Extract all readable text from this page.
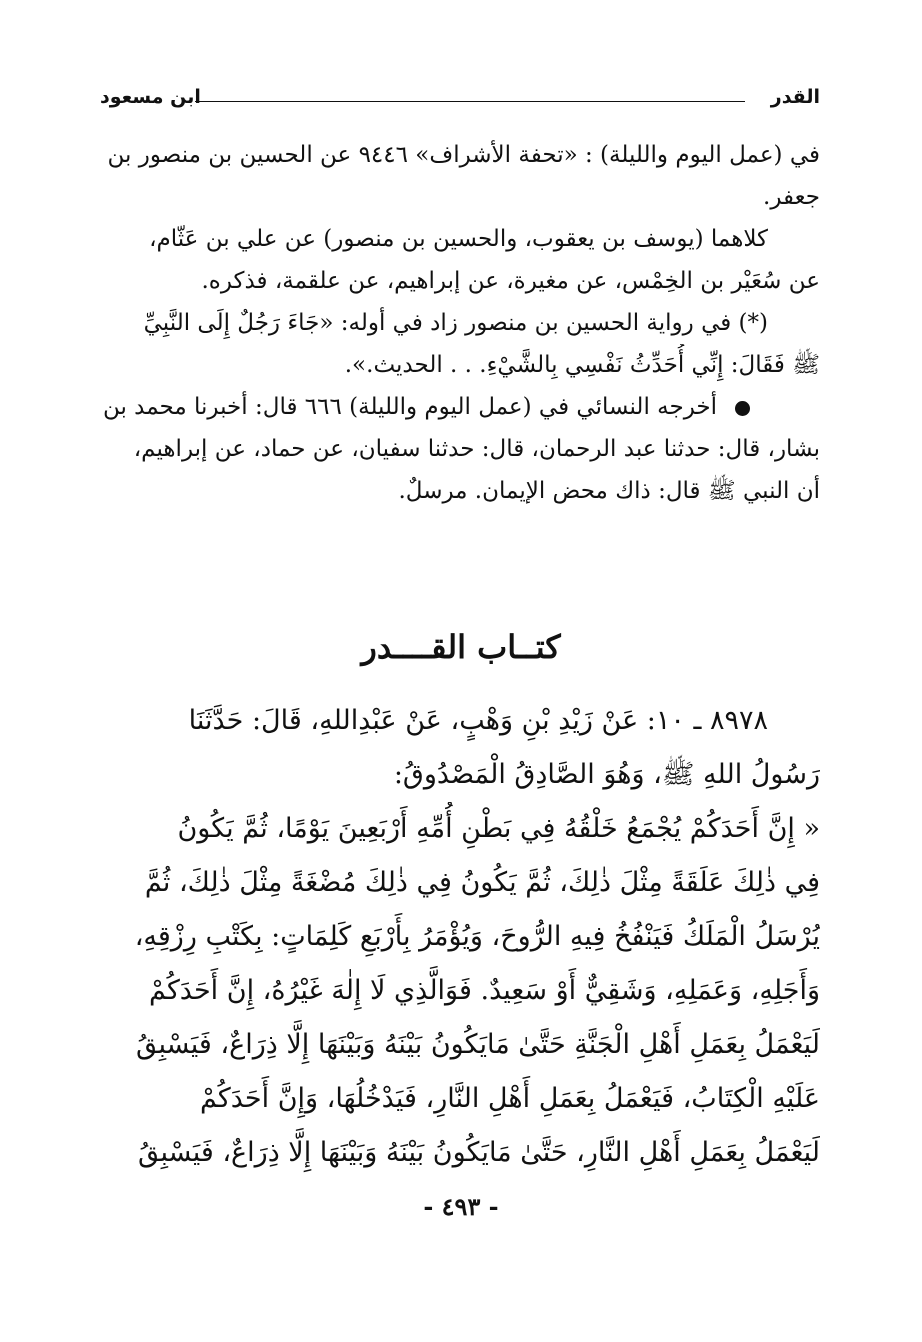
القدر
ابن مسعود
في (عمل اليوم والليلة) : «تحفة الأشراف» ٩٤٤٦ عن الحسين بن منصور بن
جعفر.
كلاهما (يوسف بن يعقوب، والحسين بن منصور) عن علي بن عَثّام،
عن سُعَيْر بن الخِمْس، عن مغيرة، عن إبراهيم، عن علقمة، فذكره.
(*) في رواية الحسين بن منصور زاد في أوله: «جَاءَ رَجُلٌ إِلَى النَّبِيِّ
ﷺ فَقَالَ: إِنِّي أُحَدِّثُ نَفْسِي بِالشَّيْءِ. . . الحديث.».
أخرجه النسائي في (عمل اليوم والليلة) ٦٦٦ قال: أخبرنا محمد بن
بشار، قال: حدثنا عبد الرحمان، قال: حدثنا سفيان، عن حماد، عن إبراهيم،
أن النبي ﷺ قال: ذاك محض الإيمان. مرسلٌ.
كتــاب القــــدر
٨٩٧٨ ـ ١٠: عَنْ زَيْدِ بْنِ وَهْبٍ، عَنْ عَبْدِاللهِ، قَالَ: حَدَّثَنَا
رَسُولُ اللهِ ﷺ، وَهُوَ الصَّادِقُ الْمَصْدُوقُ:
« إِنَّ أَحَدَكُمْ يُجْمَعُ خَلْقُهُ فِي بَطْنِ أُمِّهِ أَرْبَعِينَ يَوْمًا، ثُمَّ يَكُونُ
فِي ذٰلِكَ عَلَقَةً مِثْلَ ذٰلِكَ، ثُمَّ يَكُونُ فِي ذٰلِكَ مُضْغَةً مِثْلَ ذٰلِكَ، ثُمَّ
يُرْسَلُ الْمَلَكُ فَيَنْفُخُ فِيهِ الرُّوحَ، وَيُؤْمَرُ بِأَرْبَعِ كَلِمَاتٍ: بِكَتْبِ رِزْقِهِ،
وَأَجَلِهِ، وَعَمَلِهِ، وَشَقِيٌّ أَوْ سَعِيدٌ. فَوَالَّذِي لَا إِلٰهَ غَيْرُهُ، إِنَّ أَحَدَكُمْ
لَيَعْمَلُ بِعَمَلِ أَهْلِ الْجَنَّةِ حَتَّىٰ مَايَكُونُ بَيْنَهُ وَبَيْنَهَا إِلَّا ذِرَاعٌ، فَيَسْبِقُ
عَلَيْهِ الْكِتَابُ، فَيَعْمَلُ بِعَمَلِ أَهْلِ النَّارِ، فَيَدْخُلُهَا، وَإِنَّ أَحَدَكُمْ
لَيَعْمَلُ بِعَمَلِ أَهْلِ النَّارِ، حَتَّىٰ مَايَكُونُ بَيْنَهُ وَبَيْنَهَا إِلَّا ذِرَاعٌ، فَيَسْبِقُ
- ٤٩٣ -
